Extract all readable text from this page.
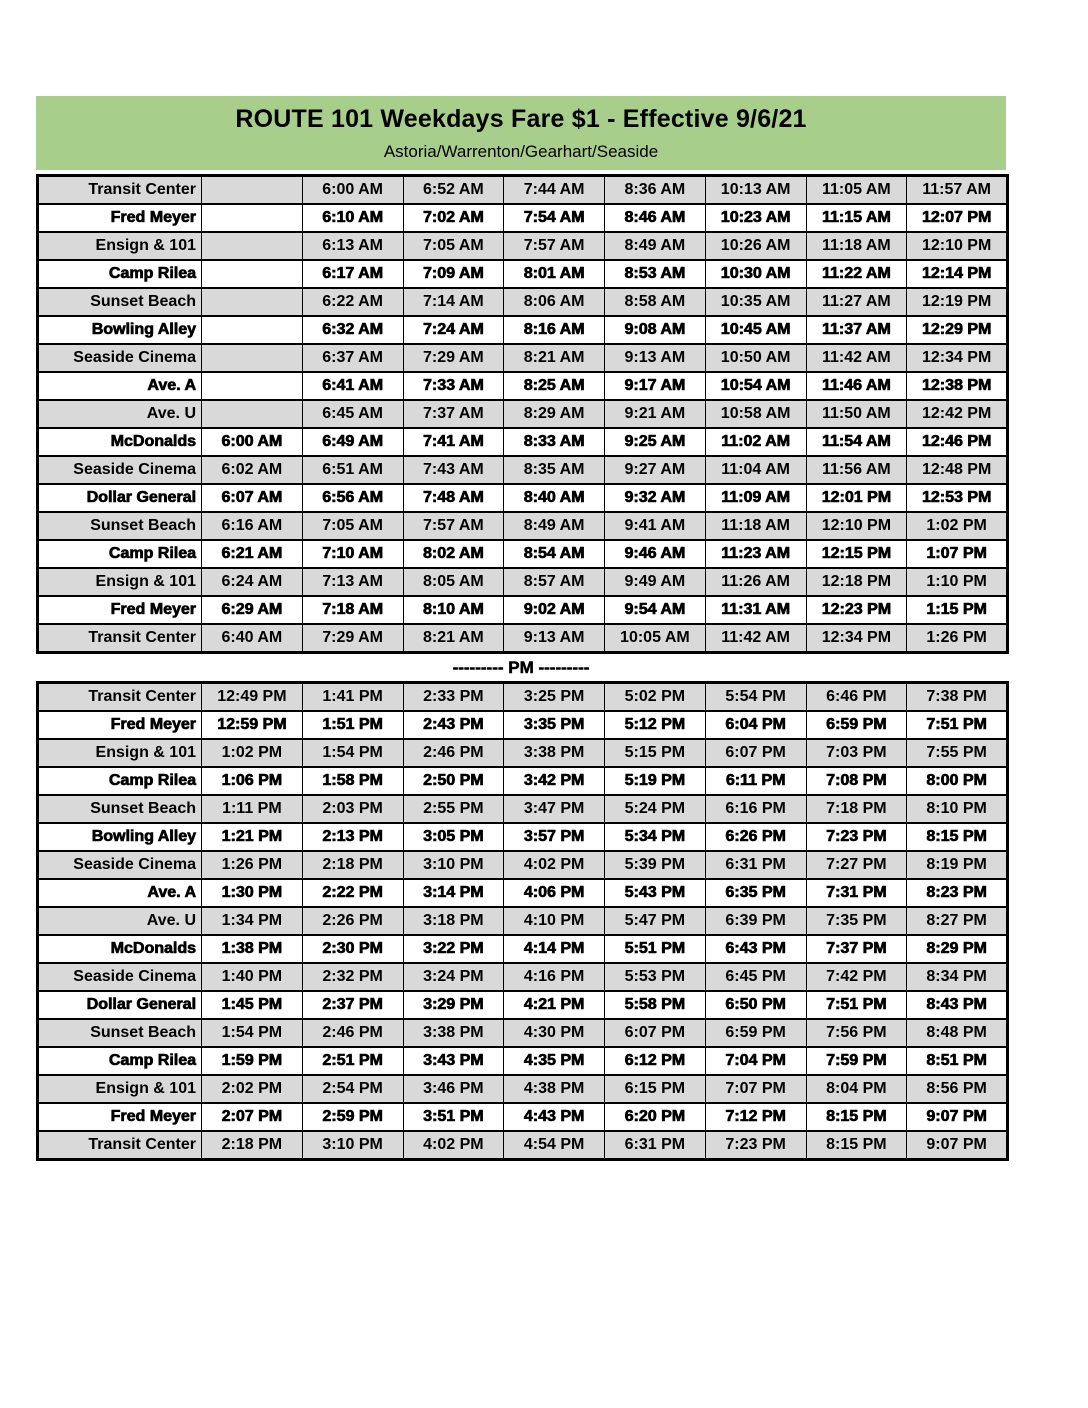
ROUTE 101 Weekdays Fare $1 - Effective 9/6/21
Astoria/Warrenton/Gearhart/Seaside
Transit Center		6:00 AM	6:52 AM	7:44 AM	8:36 AM	10:13 AM	11:05 AM	11:57 AM
Fred Meyer		6:10 AM	7:02 AM	7:54 AM	8:46 AM	10:23 AM	11:15 AM	12:07 PM
Ensign & 101		6:13 AM	7:05 AM	7:57 AM	8:49 AM	10:26 AM	11:18 AM	12:10 PM
Camp Rilea		6:17 AM	7:09 AM	8:01 AM	8:53 AM	10:30 AM	11:22 AM	12:14 PM
Sunset Beach		6:22 AM	7:14 AM	8:06 AM	8:58 AM	10:35 AM	11:27 AM	12:19 PM
Bowling Alley		6:32 AM	7:24 AM	8:16 AM	9:08 AM	10:45 AM	11:37 AM	12:29 PM
Seaside Cinema		6:37 AM	7:29 AM	8:21 AM	9:13 AM	10:50 AM	11:42 AM	12:34 PM
Ave. A		6:41 AM	7:33 AM	8:25 AM	9:17 AM	10:54 AM	11:46 AM	12:38 PM
Ave. U		6:45 AM	7:37 AM	8:29 AM	9:21 AM	10:58 AM	11:50 AM	12:42 PM
McDonalds	6:00 AM	6:49 AM	7:41 AM	8:33 AM	9:25 AM	11:02 AM	11:54 AM	12:46 PM
Seaside Cinema	6:02 AM	6:51 AM	7:43 AM	8:35 AM	9:27 AM	11:04 AM	11:56 AM	12:48 PM
Dollar General	6:07 AM	6:56 AM	7:48 AM	8:40 AM	9:32 AM	11:09 AM	12:01 PM	12:53 PM
Sunset Beach	6:16 AM	7:05 AM	7:57 AM	8:49 AM	9:41 AM	11:18 AM	12:10 PM	1:02 PM
Camp Rilea	6:21 AM	7:10 AM	8:02 AM	8:54 AM	9:46 AM	11:23 AM	12:15 PM	1:07 PM
Ensign & 101	6:24 AM	7:13 AM	8:05 AM	8:57 AM	9:49 AM	11:26 AM	12:18 PM	1:10 PM
Fred Meyer	6:29 AM	7:18 AM	8:10 AM	9:02 AM	9:54 AM	11:31 AM	12:23 PM	1:15 PM
Transit Center	6:40 AM	7:29 AM	8:21 AM	9:13 AM	10:05 AM	11:42 AM	12:34 PM	1:26 PM
--------- PM ---------
Transit Center	12:49 PM	1:41 PM	2:33 PM	3:25 PM	5:02 PM	5:54 PM	6:46 PM	7:38 PM
Fred Meyer	12:59 PM	1:51 PM	2:43 PM	3:35 PM	5:12 PM	6:04 PM	6:59 PM	7:51 PM
Ensign & 101	1:02 PM	1:54 PM	2:46 PM	3:38 PM	5:15 PM	6:07 PM	7:03 PM	7:55 PM
Camp Rilea	1:06 PM	1:58 PM	2:50 PM	3:42 PM	5:19 PM	6:11 PM	7:08 PM	8:00 PM
Sunset Beach	1:11 PM	2:03 PM	2:55 PM	3:47 PM	5:24 PM	6:16 PM	7:18 PM	8:10 PM
Bowling Alley	1:21 PM	2:13 PM	3:05 PM	3:57 PM	5:34 PM	6:26 PM	7:23 PM	8:15 PM
Seaside Cinema	1:26 PM	2:18 PM	3:10 PM	4:02 PM	5:39 PM	6:31 PM	7:27 PM	8:19 PM
Ave. A	1:30 PM	2:22 PM	3:14 PM	4:06 PM	5:43 PM	6:35 PM	7:31 PM	8:23 PM
Ave. U	1:34 PM	2:26 PM	3:18 PM	4:10 PM	5:47 PM	6:39 PM	7:35 PM	8:27 PM
McDonalds	1:38 PM	2:30 PM	3:22 PM	4:14 PM	5:51 PM	6:43 PM	7:37 PM	8:29 PM
Seaside Cinema	1:40 PM	2:32 PM	3:24 PM	4:16 PM	5:53 PM	6:45 PM	7:42 PM	8:34 PM
Dollar General	1:45 PM	2:37 PM	3:29 PM	4:21 PM	5:58 PM	6:50 PM	7:51 PM	8:43 PM
Sunset Beach	1:54 PM	2:46 PM	3:38 PM	4:30 PM	6:07 PM	6:59 PM	7:56 PM	8:48 PM
Camp Rilea	1:59 PM	2:51 PM	3:43 PM	4:35 PM	6:12 PM	7:04 PM	7:59 PM	8:51 PM
Ensign & 101	2:02 PM	2:54 PM	3:46 PM	4:38 PM	6:15 PM	7:07 PM	8:04 PM	8:56 PM
Fred Meyer	2:07 PM	2:59 PM	3:51 PM	4:43 PM	6:20 PM	7:12 PM	8:15 PM	9:07 PM
Transit Center	2:18 PM	3:10 PM	4:02 PM	4:54 PM	6:31 PM	7:23 PM	8:15 PM	9:07 PM
